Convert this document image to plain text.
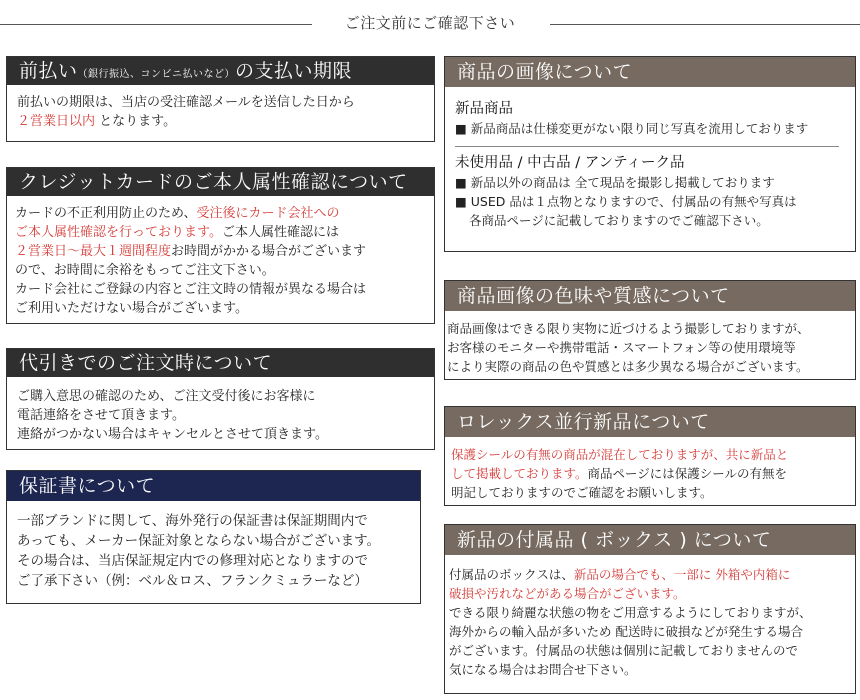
ご注文前にご確認下さい
前払い（銀行振込、コンビニ払いなど）の支払い期限
前払いの期限は、当店の受注確認メールを送信した日から
２営業日以内 となります。
クレジットカードのご本人属性確認について
カードの不正利用防止のため、受注後にカード会社への
ご本人属性確認を行っております。ご本人属性確認には
２営業日～最大１週間程度お時間がかかる場合がございます
ので、お時間に余裕をもってご注文下さい。
カード会社にご登録の内容とご注文時の情報が異なる場合は
ご利用いただけない場合がございます。
代引きでのご注文時について
ご購入意思の確認のため、ご注文受付後にお客様に
電話連絡をさせて頂きます。
連絡がつかない場合はキャンセルとさせて頂きます。
保証書について
一部ブランドに関して、海外発行の保証書は保証期間内で
あっても、メーカー保証対象とならない場合がございます。
その場合は、当店保証規定内での修理対応となりますので
ご了承下さい（例：ベル＆ロス、フランクミュラーなど）
商品の画像について
新品商品
■ 新品商品は仕様変更がない限り同じ写真を流用しております
未使用品 / 中古品 / アンティーク品
■ 新品以外の商品は 全て現品を撮影し掲載しております
■ USED 品は１点物となりますので、付属品の有無や写真は
各商品ページに記載しておりますのでご確認下さい。
商品画像の色味や質感について
商品画像はできる限り実物に近づけるよう撮影しておりますが、
お客様のモニターや携帯電話・スマートフォン等の使用環境等
により実際の商品の色や質感とは多少異なる場合がございます。
ロレックス並行新品について
保護シールの有無の商品が混在しておりますが、共に新品と
して掲載しております。商品ページには保護シールの有無を
明記しておりますのでご確認をお願いします。
新品の付属品 ( ボックス ) について
付属品のボックスは、新品の場合でも、一部に 外箱や内箱に
破損や汚れなどがある場合がございます。
できる限り綺麗な状態の物をご用意するようにしておりますが、
海外からの輸入品が多いため 配送時に破損などが発生する場合
がございます。付属品の状態は個別に記載しておりませんので
気になる場合はお問合せ下さい。
